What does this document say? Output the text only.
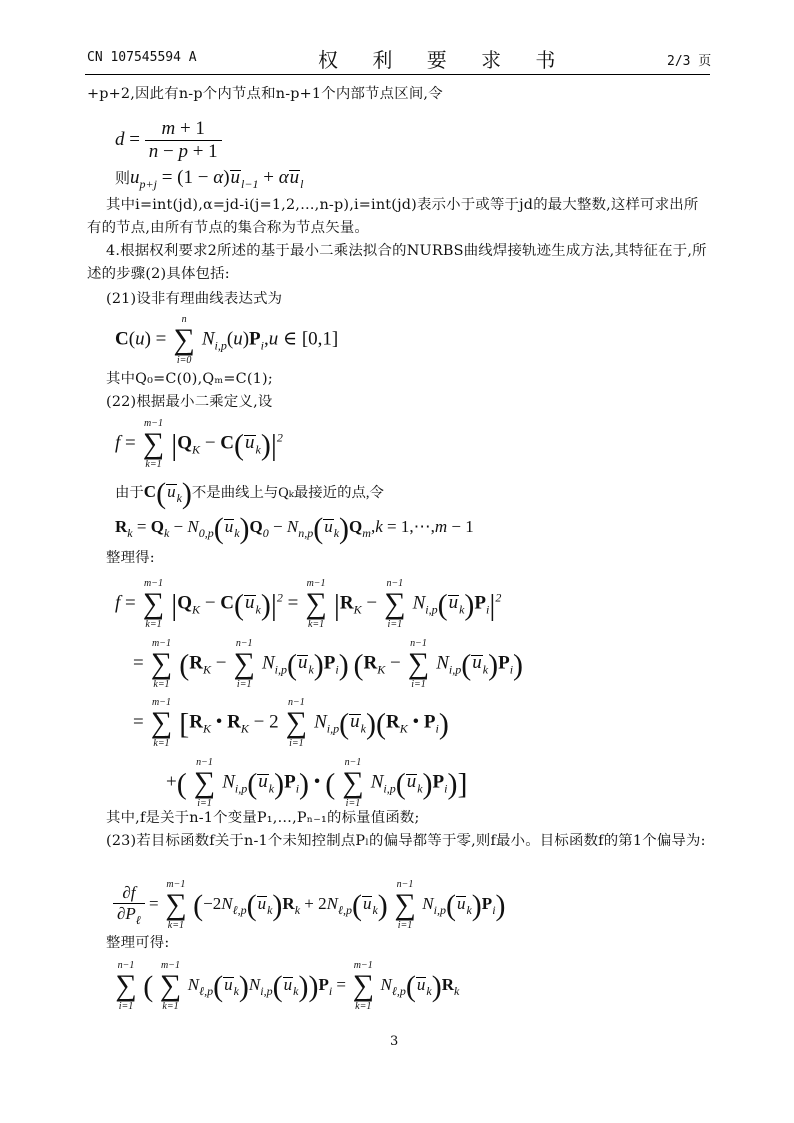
CN 107545594 A	权 利 要 求 书	2/3 页
+p+2,因此有n-p个内节点和n-p+1个内部节点区间,令
$d = \frac{m + 1}{n - p + 1}$
则$u_{p+j} = (1 - \alpha)u_{l-1} + \alpha u_l$
其中i=int(jd),α=jd-i(j=1,2,…,n-p),i=int(jd)表示小于或等于jd的最大整数,这样可求出所有的节点,由所有节点的集合称为节点矢量。
4.根据权利要求2所述的基于最小二乘法拟合的NURBS曲线焊接轨迹生成方法,其特征在于,所述的步骤(2)具体包括:
(21)设非有理曲线表达式为
C(u) =
n
∑
i=0
$N_{i,p}(u)P_i,u$ ∈ [0,1]
其中Q₀=C(0),Qₘ=C(1);
(22)根据最小二乘定义,设
f =
m−1
∑
k=1
$|Q_K - C(u_k)|^2$
由于$C(u_k)$不是曲线上与Qₖ最接近的点,令
$R_k = Q_k - N_{0,p}(u_k)Q_0 - N_{n,p}(u_k)Q_m,k$ = 1,⋯,m − 1
整理得:
f =
m−1
∑
k=1
$|Q_K - C(u_k)|^2$ =
m−1
∑
k=1
$|R_K$ −
n−1
∑
i=1
$N_{i,p}(u_k)P_i|^2$
=
m−1
∑
k=1
($R_K$ −
n−1
∑
i=1
$N_{i,p}(u_k)P_i$) ($R_K$ −
n−1
∑
i=1
$N_{i,p}(u_k)P_i$)
=
m−1
∑
k=1
[$R_K$ • $R_K - 2$
n−1
∑
i=1
$N_{i,p}(u_k)(R_K$ • $P_i$)
+(
n−1
∑
i=1
$N_{i,p}(u_k)P_i$) • (
n−1
∑
i=1
$N_{i,p}(u_k)P_i$)]
其中,f是关于n-1个变量P₁,…,Pₙ₋₁的标量值函数;
(23)若目标函数f关于n-1个未知控制点Pₗ的偏导都等于零,则f最小。目标函数f的第1个偏导为:
$\frac{\partial f}{\partial P_\ell}$ =
m−1
∑
k=1
($-2N_{\ell,p}(u_k)R_k + 2N_{\ell,p}(u_k)$
n−1
∑
i=1
$N_{i,p}(u_k)P_i$)
整理可得:
n−1
∑
i=1
(
m−1
∑
k=1
$N_{\ell,p}(u_k)N_{i,p}(u_k))P_i$ =
m−1
∑
k=1
$N_{\ell,p}(u_k)R_k$
3
